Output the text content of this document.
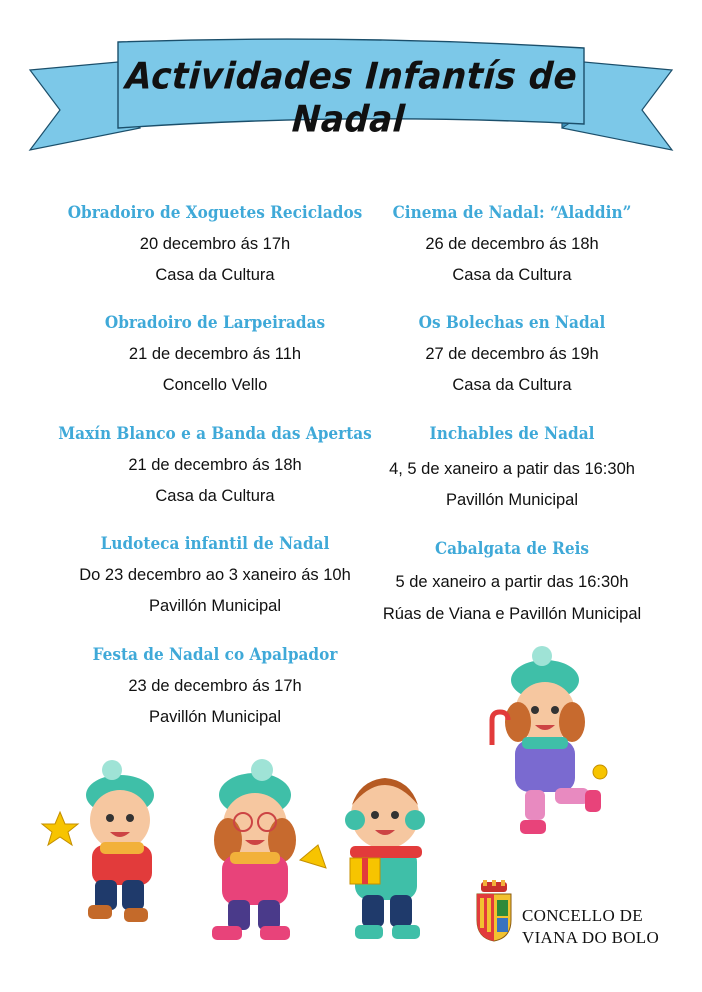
Actividades Infantís de Nadal
Obradoiro de Xoguetes Reciclados
20 decembro ás 17h
Casa da Cultura
Obradoiro de Larpeiradas
21 de decembro ás 11h
Concello Vello
Maxín Blanco e a Banda das Apertas
21 de decembro ás 18h
Casa da Cultura
Ludoteca infantil de Nadal
Do 23 decembro ao 3 xaneiro ás 10h
Pavillón Municipal
Festa de Nadal co Apalpador
23 de decembro ás 17h
Pavillón Municipal
Cinema de Nadal: “Aladdin”
26 de decembro ás 18h
Casa da Cultura
Os Bolechas en Nadal
27 de decembro ás 19h
Casa da Cultura
Inchables de Nadal
4, 5 de xaneiro a patir das 16:30h
Pavillón Municipal
Cabalgata de Reis
5 de xaneiro a partir das 16:30h
Rúas de Viana e Pavillón Municipal
CONCELLO DE
VIANA DO BOLO
